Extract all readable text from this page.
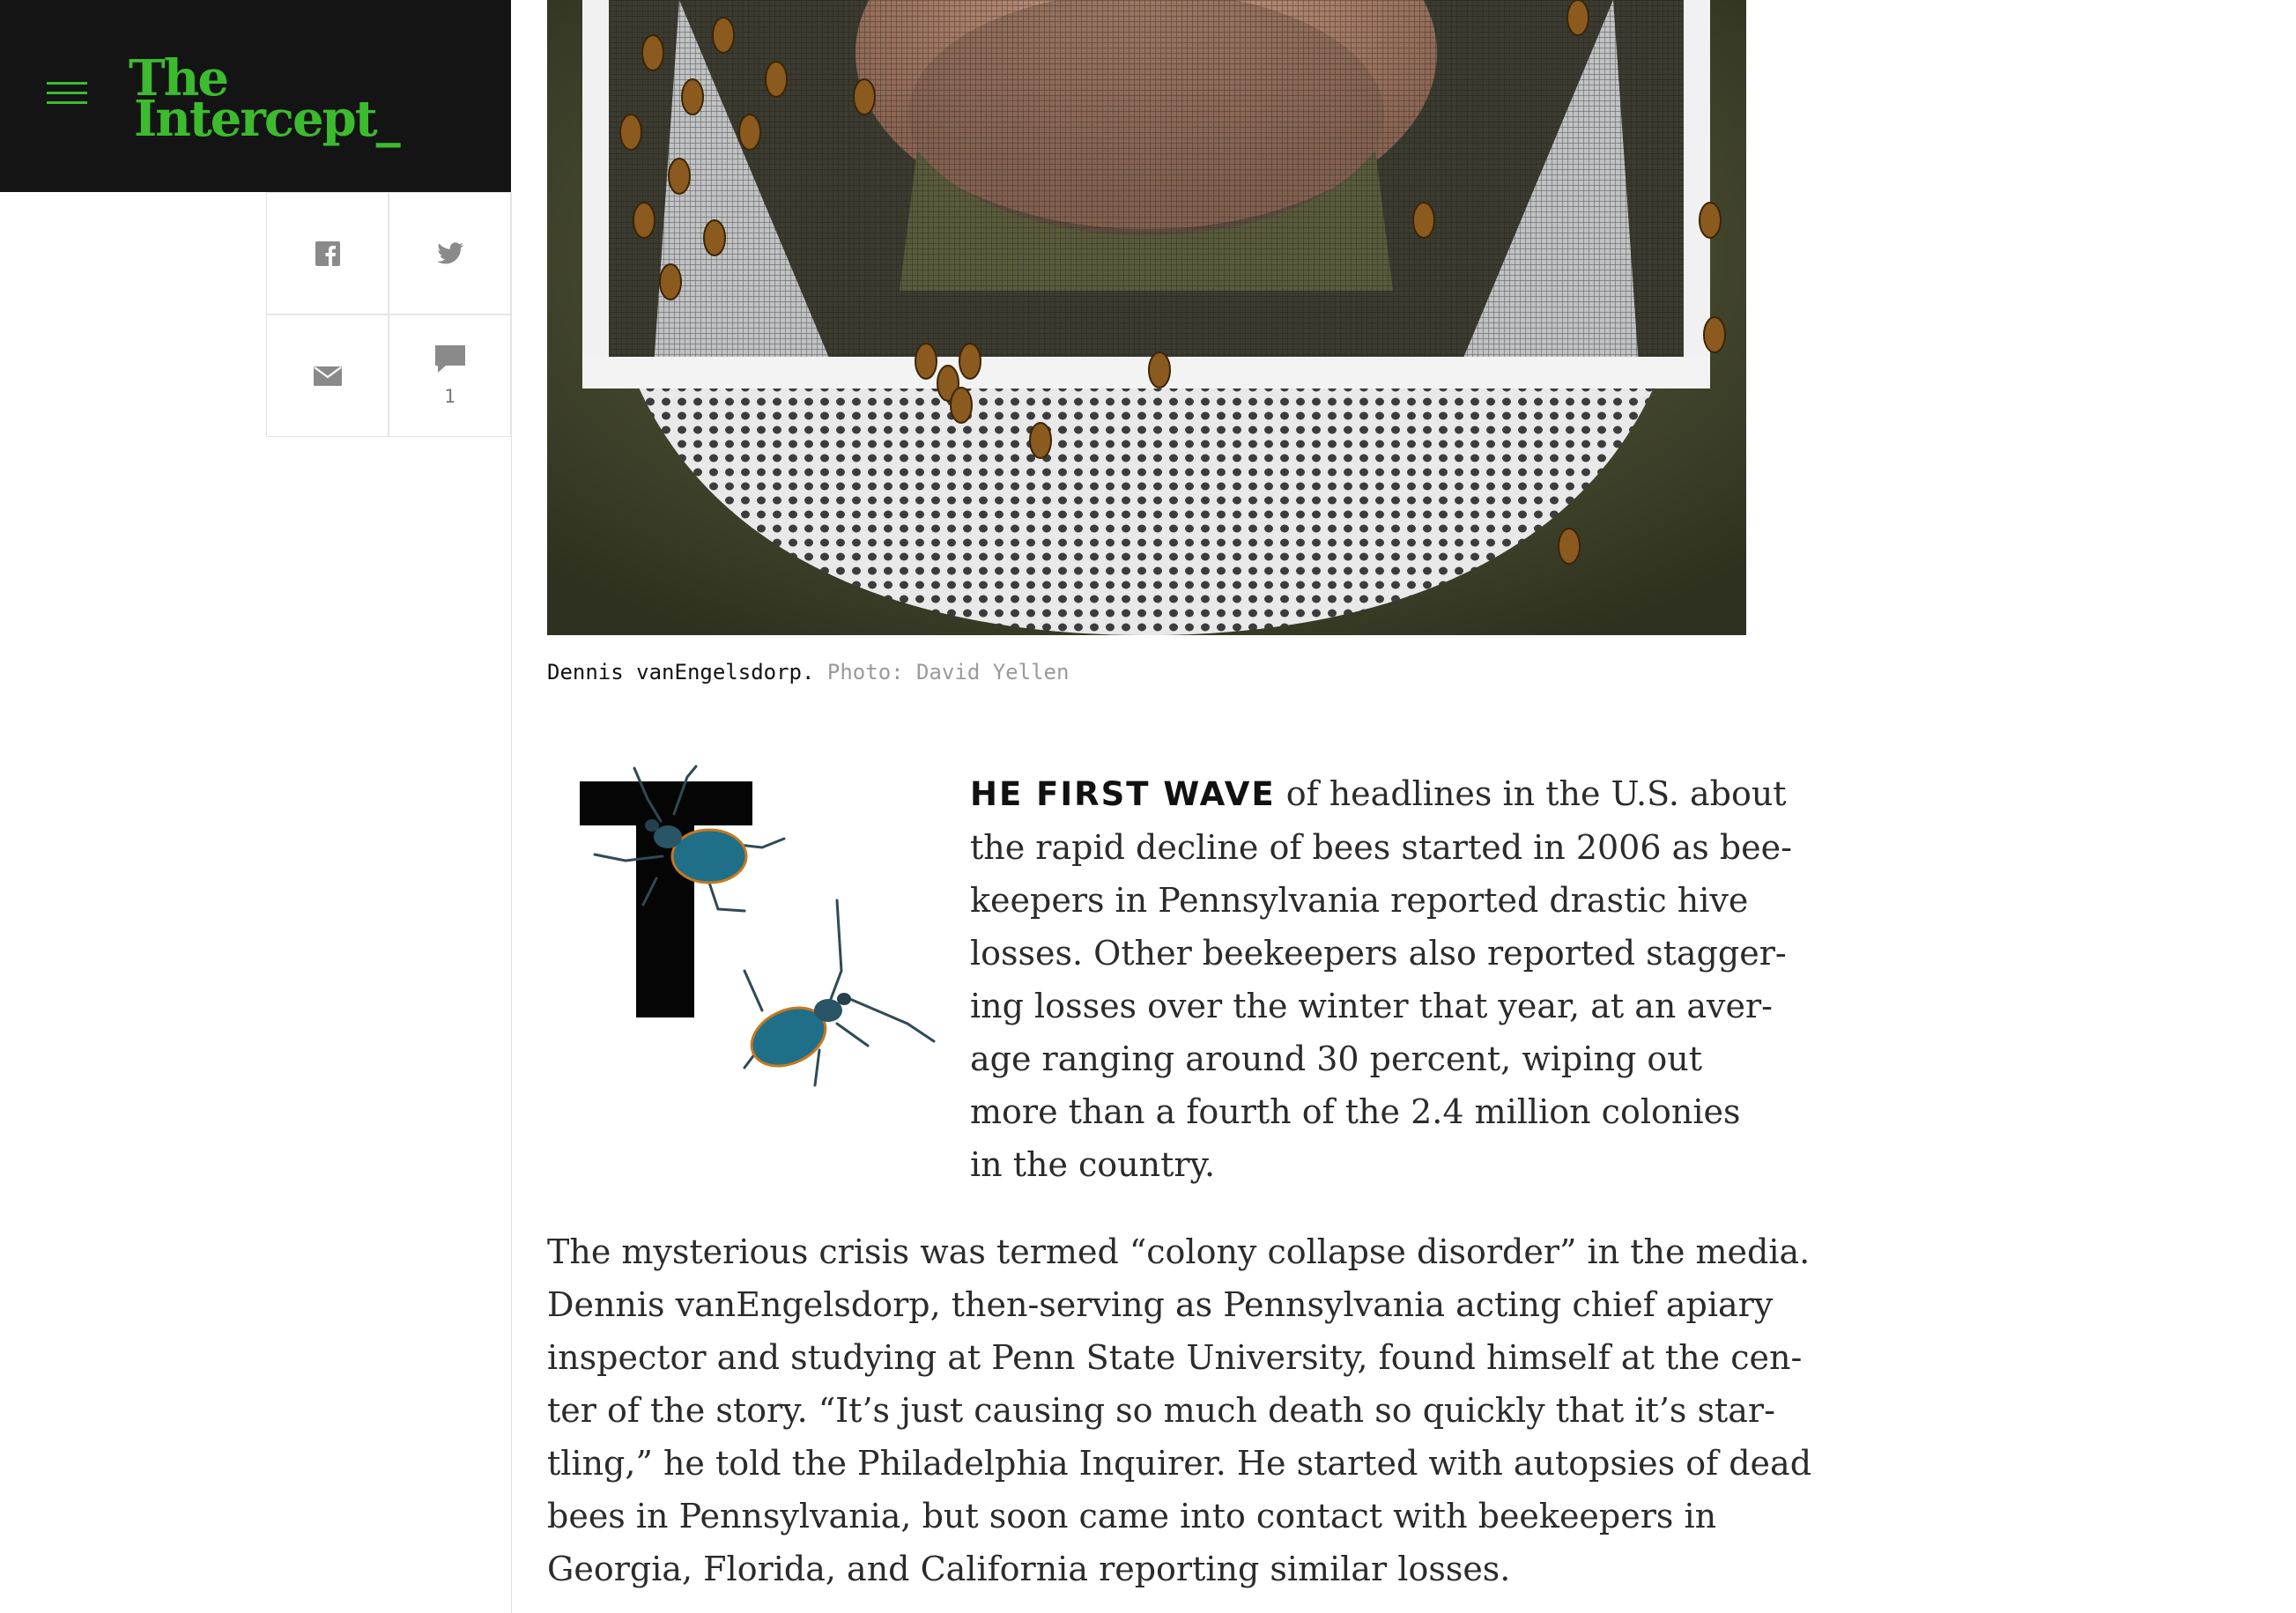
The
Intercept_
1
Dennis vanEngelsdorp. Photo: David Yellen
HE FIRST WAVE of headlines in the U.S. about
the rapid decline of bees started in 2006 as bee-
keepers in Pennsylvania reported drastic hive
losses. Other beekeepers also reported stagger-
ing losses over the winter that year, at an aver-
age ranging around 30 percent, wiping out
more than a fourth of the 2.4 million colonies
in the country.
The mysterious crisis was termed “colony collapse disorder” in the media.
Dennis vanEngelsdorp, then-serving as Pennsylvania acting chief apiary
inspector and studying at Penn State University, found himself at the cen-
ter of the story. “It’s just causing so much death so quickly that it’s star-
tling,” he told the Philadelphia Inquirer. He started with autopsies of dead
bees in Pennsylvania, but soon came into contact with beekeepers in
Georgia, Florida, and California reporting similar losses.
